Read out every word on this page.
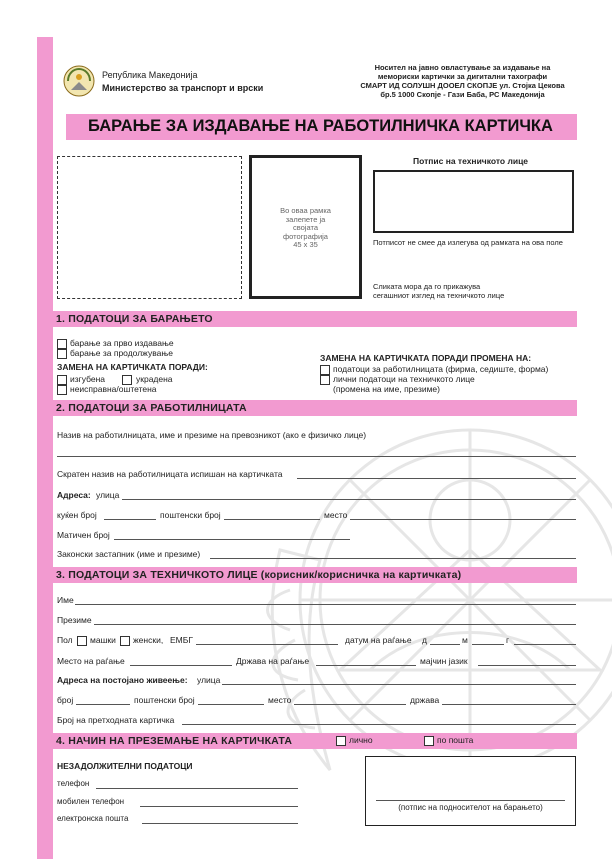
Република Македонија
Министерство за транспорт и врски
Носител на јавно овластување за издавање на
мемориски картички за дигитални тахографи
СМАРТ ИД СОЛУШН ДООЕЛ СКОПЈЕ ул. Стојка Цекова
бр.5 1000 Скопје - Гази Баба, РС Македонија
БАРАЊЕ ЗА ИЗДАВАЊЕ НА РАБОТИЛНИЧКА КАРТИЧКА
Во оваа рамка
залепете ја
својата
фотографија
45 x 35
Потпис на техничкото лице
Потписот не смее да излегува од рамката на ова поле
Сликата мора да го прикажува
сегашниот изглед на техничкото лице
1. ПОДАТОЦИ ЗА БАРАЊЕТО
барање за прво издавање
барање за продолжување
ЗАМЕНА НА КАРТИЧКАТА ПОРАДИ:
изгубена	украдена
неисправна/оштетена
ЗАМЕНА НА КАРТИЧКАТА ПОРАДИ ПРОМЕНА НА:
податоци за работилницата (фирма, седиште, форма)
лични податоци на техничкото лице
(промена на име, презиме)
2. ПОДАТОЦИ ЗА РАБОТИЛНИЦАТА
Назив на работилницата, име и презиме на превозникот (ако е физичко лице)
Скратен назив на работилницата испишан на картичката
Адреса: улица
куќен број	поштенски број	место
Матичен број
Законски застапник (име и презиме)
3. ПОДАТОЦИ ЗА ТЕХНИЧКОТО ЛИЦЕ (корисник/корисничка на картичката)
Име
Презиме
Пол машки женски, ЕМБГ	датум на раѓање д	м	г
Место на раѓање	Држава на раѓање	мајчин јазик
Адреса на постојано живеење: улица
број	поштенски број	место	држава
Број на претходната картичка
4. НАЧИН НА ПРЕЗЕМАЊЕ НА КАРТИЧКАТА	лично	по пошта
НЕЗАДОЛЖИТЕЛНИ ПОДАТОЦИ
телефон
мобилен телефон
електронска пошта
(потпис на подносителот на барањето)
